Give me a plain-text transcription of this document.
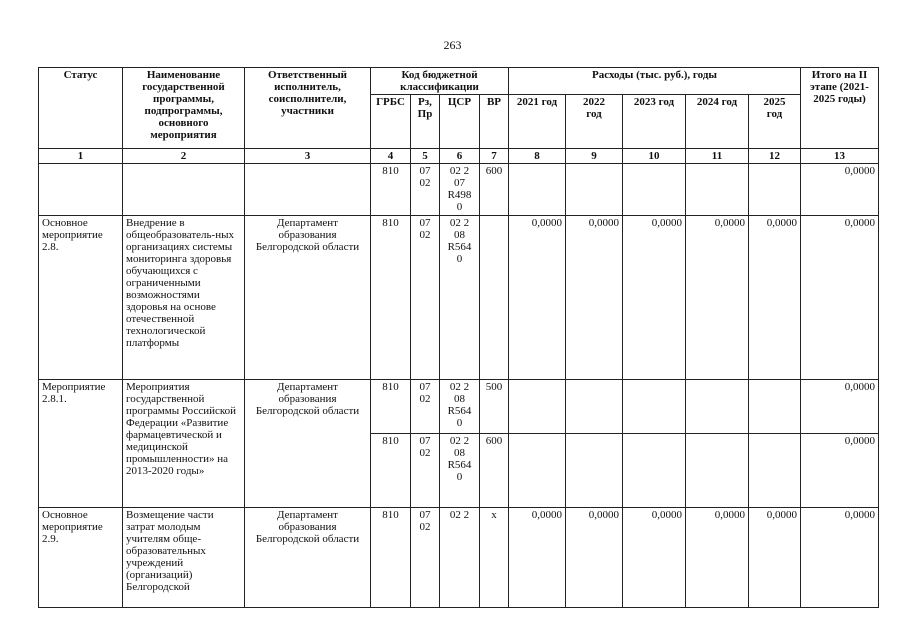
263
Статус	Наименование государственной программы, подпрограммы, основного мероприятия	Ответственный исполнитель, соисполнители, участники	Код бюджетной классификации				Расходы (тыс. руб.), годы					Итого на II этапе (2021-2025 годы)
			ГРБС	Рз,
Пр	ЦСР	ВР	2021 год	2022
год	2023 год	2024 год	2025
год	
1	2	3	4	5	6	7	8	9	10	11	12	13
			810	07
02	02 2
07
R498
0	600						0,0000
Основное мероприятие 2.8.	Внедрение в общеобразователь-ных организациях системы мониторинга здоровья обучающихся с ограниченными возможностями здоровья на основе отечественной технологической платформы	Департамент образования Белгородской области	810	07
02	02 2
08
R564
0		0,0000	0,0000	0,0000	0,0000	0,0000	0,0000
Мероприятие 2.8.1.	Мероприятия государственной программы Российской Федерации «Развитие фармацевтической и медицинской промышленности» на 2013-2020 годы»	Департамент образования Белгородской области	810	07
02	02 2
08
R564
0	500						0,0000
			810	07
02	02 2
08
R564
0	600						0,0000
Основное мероприятие 2.9.	Возмещение части затрат молодым учителям обще-образовательных учреждений (организаций) Белгородской	Департамент образования Белгородской области	810	07
02	02 2	х	0,0000	0,0000	0,0000	0,0000	0,0000	0,0000
